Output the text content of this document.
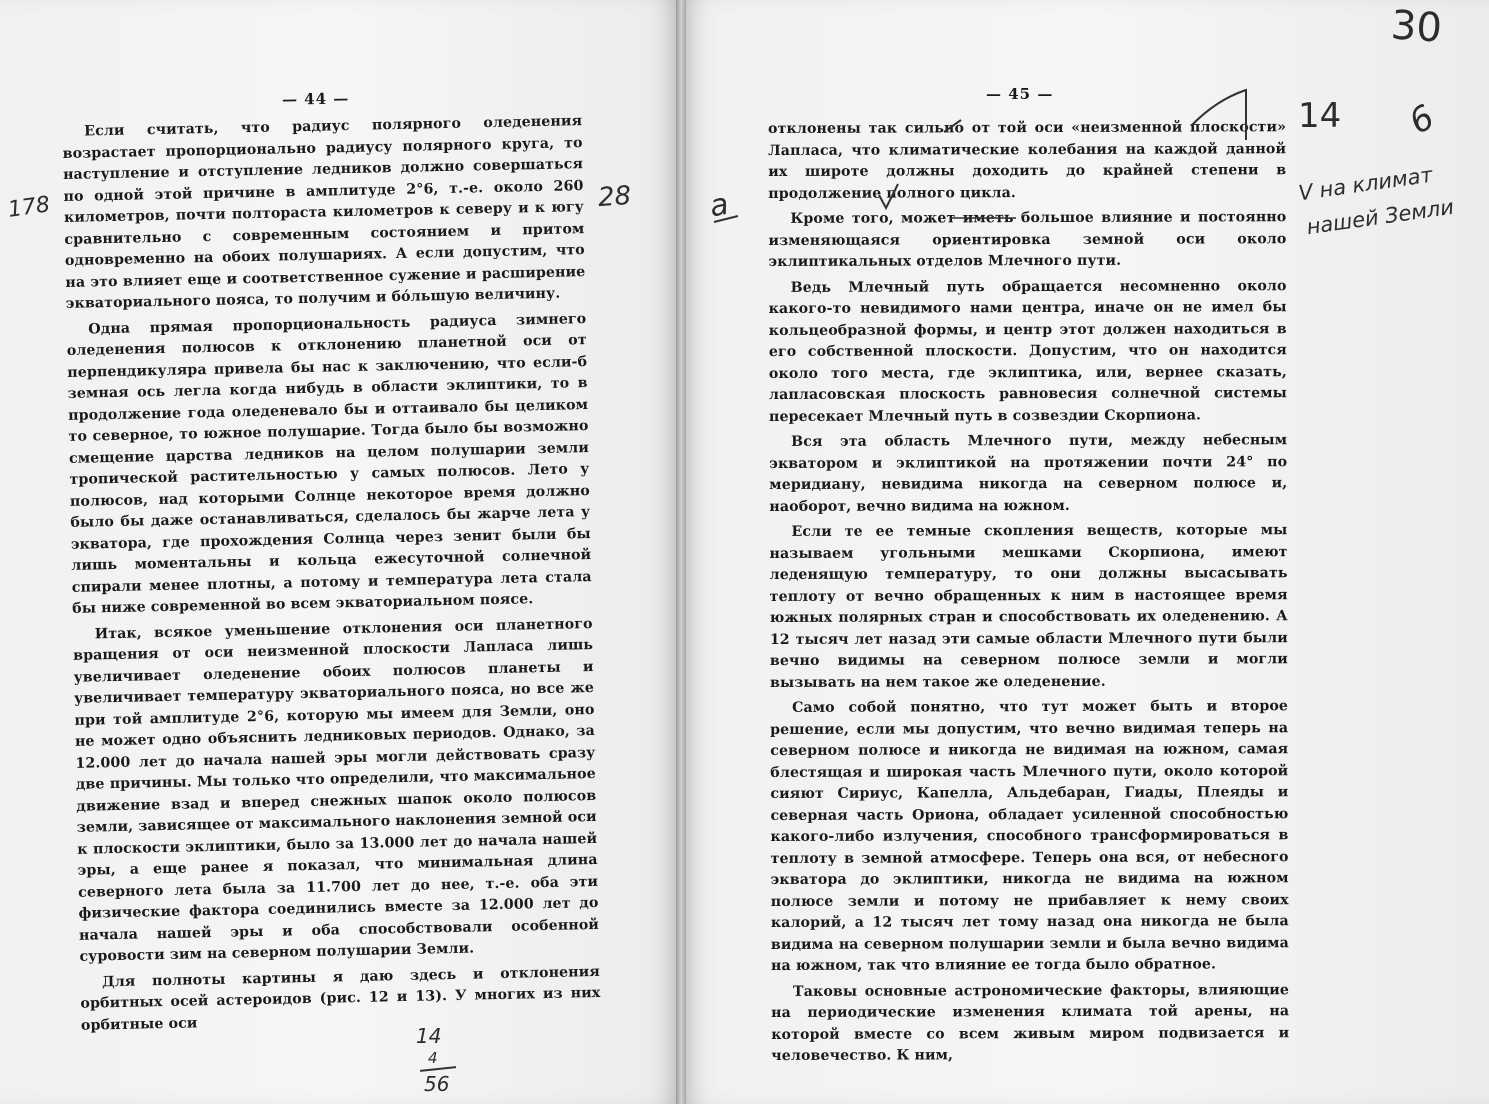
— 44 —

Если считать, что радиус полярного оледенения возрастает пропорционально радиусу полярного круга, то наступление и отступление ледников должно совершаться по одной этой причине в амплитуде 2°6, т.-е. около 260 километров, почти полтораста километров к северу и к югу сравнительно с современным состоянием и притом одновременно на обоих полушариях. А если допустим, что на это влияет еще и соответственное сужение и расширение экваториального пояса, то получим и бо́льшую величину.

Одна прямая пропорциональность радиуса зимнего оледенения полюсов к отклонению планетной оси от перпендикуляра привела бы нас к заключению, что если-б земная ось легла когда нибудь в области эклиптики, то в продолжение года оледеневало бы и оттаивало бы целиком то северное, то южное полушарие. Тогда было бы возможно смещение царства ледников на целом полушарии земли тропической растительностью у самых полюсов. Лето у полюсов, над которыми Солнце некоторое время должно было бы даже останавливаться, сделалось бы жарче лета у экватора, где прохождения Солнца через зенит были бы лишь моментальны и кольца ежесуточной солнечной спирали менее плотны, а потому и температура лета стала бы ниже современной во всем экваториальном поясе.

Итак, всякое уменьшение отклонения оси планетного вращения от оси неизменной плоскости Лапласа лишь увеличивает оледенение обоих полюсов планеты и увеличивает температуру экваториального пояса, но все же при той амплитуде 2°6, которую мы имеем для Земли, оно не может одно объяснить ледниковых периодов. Однако, за 12.000 лет до начала нашей эры могли действовать сразу две причины. Мы только что определили, что максимальное движение взад и вперед снежных шапок около полюсов земли, зависящее от максимального наклонения земной оси к плоскости эклиптики, было за 13.000 лет до начала нашей эры, а еще ранее я показал, что минимальная длина северного лета была за 11.700 лет до нее, т.-е. оба эти физические фактора соединились вместе за 12.000 лет до начала нашей эры и оба способствовали особенной суровости зим на северном полушарии Земли.

Для полноты картины я даю здесь и отклонения орбитных осей астероидов (рис. 12 и 13). У многих из них орбитные оси

178	28
14
4
56
— 45 —

отклонены так сильно от той оси «неизменной плоскости» Лапласа, что климатические колебания на каждой данной их широте должны доходить до крайней степени в продолжение полного цикла.

Кроме того, может иметь большое влияние и постоянно изменяющаяся ориентировка земной оси около эклиптикальных отделов Млечного пути.

Ведь Млечный путь обращается несомненно около какого-то невидимого нами центра, иначе он не имел бы кольцеобразной формы, и центр этот должен находиться в его собственной плоскости. Допустим, что он находится около того места, где эклиптика, или, вернее сказать, лапласовская плоскость равновесия солнечной системы пересекает Млечный путь в созвездии Скорпиона.

Вся эта область Млечного пути, между небесным экватором и эклиптикой на протяжении почти 24° по меридиану, невидима никогда на северном полюсе и, наоборот, вечно видима на южном.

Если те ее темные скопления веществ, которые мы называем угольными мешками Скорпиона, имеют леденящую температуру, то они должны высасывать теплоту от вечно обращенных к ним в настоящее время южных полярных стран и способствовать их оледенению. А 12 тысяч лет назад эти самые области Млечного пути были вечно видимы на северном полюсе земли и могли вызывать на нем такое же оледенение.

Само собой понятно, что тут может быть и второе решение, если мы допустим, что вечно видимая теперь на северном полюсе и никогда не видимая на южном, самая блестящая и широкая часть Млечного пути, около которой сияют Сириус, Капелла, Альдебаран, Гиады, Плеяды и северная часть Ориона, обладает усиленной способностью какого-либо излучения, способного трансформироваться в теплоту в земной атмосфере. Теперь она вся, от небесного экватора до эклиптики, никогда не видима на южном полюсе земли и потому не прибавляет к нему своих калорий, а 12 тысяч лет тому назад она никогда не была видима на северном полушарии земли и была вечно видима на южном, так что влияние ее тогда было обратное.

Таковы основные астрономические факторы, влияющие на периодические изменения климата той арены, на которой вместе со всем живым миром подвизается и человечество. К ним,

30
14 6
V на климат
нашей Земли
а
